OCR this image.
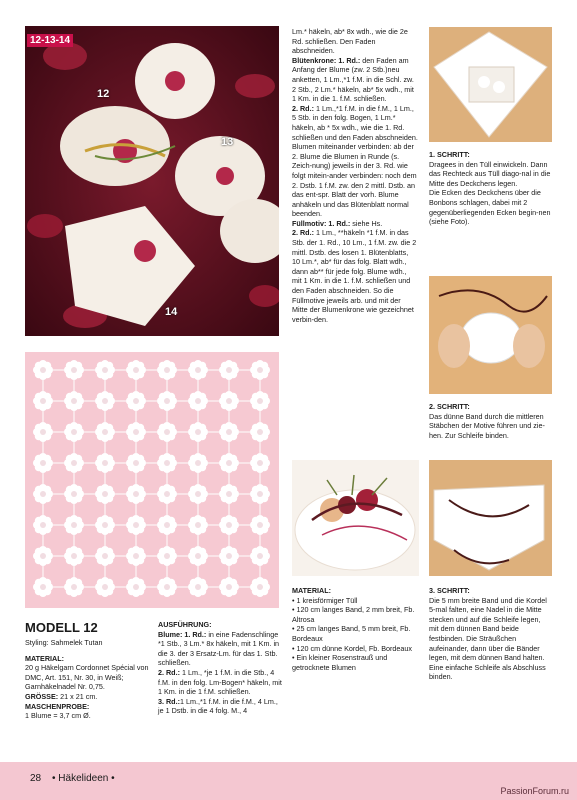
12-13-14
12
13
14
MODELL 12
Styling: Sahmelek Tutan
MATERIAL:
20 g Häkelgarn Cordonnet Spécial von DMC, Art. 151, Nr. 30, in Weiß; Garnhäkelnadel Nr. 0,75.
GRÖSSE: 21 x 21 cm.
MASCHENPROBE:
1 Blume = 3,7 cm Ø.
AUSFÜHRUNG:
Blume: 1. Rd.: in eine Fadenschlinge *1 Stb., 3 Lm.* 8x häkeln, mit 1 Km. in die 3. der 3 Ersatz-Lm. für das 1. Stb. schließen.
2. Rd.: 1 Lm., *je 1 f.M. in die Stb., 4 f.M. in den folg. Lm-Bogen* häkeln, mit 1 Km. in die 1 f.M. schließen.
3. Rd.:1 Lm.,*1 f.M. in die f.M., 4 Lm., je 1 Dstb. in die 4 folg. M., 4
Lm.* häkeln, ab* 8x wdh., wie die 2e Rd. schließen. Den Faden abschneiden.
Blütenkrone: 1. Rd.: den Faden am Anfang der Blume (zw. 2 Stb.)neu anketten, 1 Lm.,*1 f.M. in die Schl. zw. 2 Stb., 2 Lm.* häkeln, ab* 5x wdh., mit 1 Km. in die 1. f.M. schließen.
2. Rd.: 1 Lm.,*1 f.M. in die f.M., 1 Lm., 5 Stb. in den folg. Bogen, 1 Lm.* häkeln, ab * 5x wdh., wie die 1. Rd. schließen und den Faden abschneiden. Blumen miteinander verbinden: ab der 2. Blume die Blumen in Runde (s. Zeich-nung) jeweils in der 3. Rd. wie folgt mitein-ander verbinden: noch dem 2. Dstb. 1 f.M. zw. den 2 mittl. Dstb. an das ent-spr. Blatt der vorh. Blume anhäkeln und das Blütenblatt normal beenden.
Füllmotiv: 1. Rd.: siehe Hs.
2. Rd.: 1 Lm., **häkeln *1 f.M. in das Stb. der 1. Rd., 10 Lm., 1 f.M. zw. die 2 mittl. Dstb. des losen 1. Blütenblatts, 10 Lm.*, ab* für das folg. Blatt wdh., dann ab** für jede folg. Blume wdh., mit 1 Km. in die 1. f.M. schließen und den Faden abschneiden. So die Füllmotive jeweils arb. und mit der Mitte der Blumenkrone wie gezeichnet verbin-den.
MATERIAL:
• 1 kreisförmiger Tüll
• 120 cm langes Band, 2 mm breit, Fb. Altrosa
• 25 cm langes Band, 5 mm breit, Fb. Bordeaux
• 120 cm dünne Kordel, Fb. Bordeaux
• Ein kleiner Rosenstrauß und getrocknete Blumen
1. SCHRITT:
Dragees in den Tüll einwickeln. Dann das Rechteck aus Tüll diago-nal in die Mitte des Deckchens legen.
Die Ecken des Deckchens über die Bonbons schlagen, dabei mit 2 gegenüberliegenden Ecken begin-nen (siehe Foto).
2. SCHRITT:
Das dünne Band durch die mittleren Stäbchen der Motive führen und zie-hen. Zur Schleife binden.
3. SCHRITT:
Die 5 mm breite Band und die Kordel 5-mal falten, eine Nadel in die Mitte stecken und auf die Schleife legen, mit dem dünnen Band beide festbinden. Die Sträußchen aufeinander, dann über die Bänder legen, mit dem dünnen Band halten. Eine einfache Schleife als Abschluss binden.
28 • Häkelideen •
PassionForum.ru
